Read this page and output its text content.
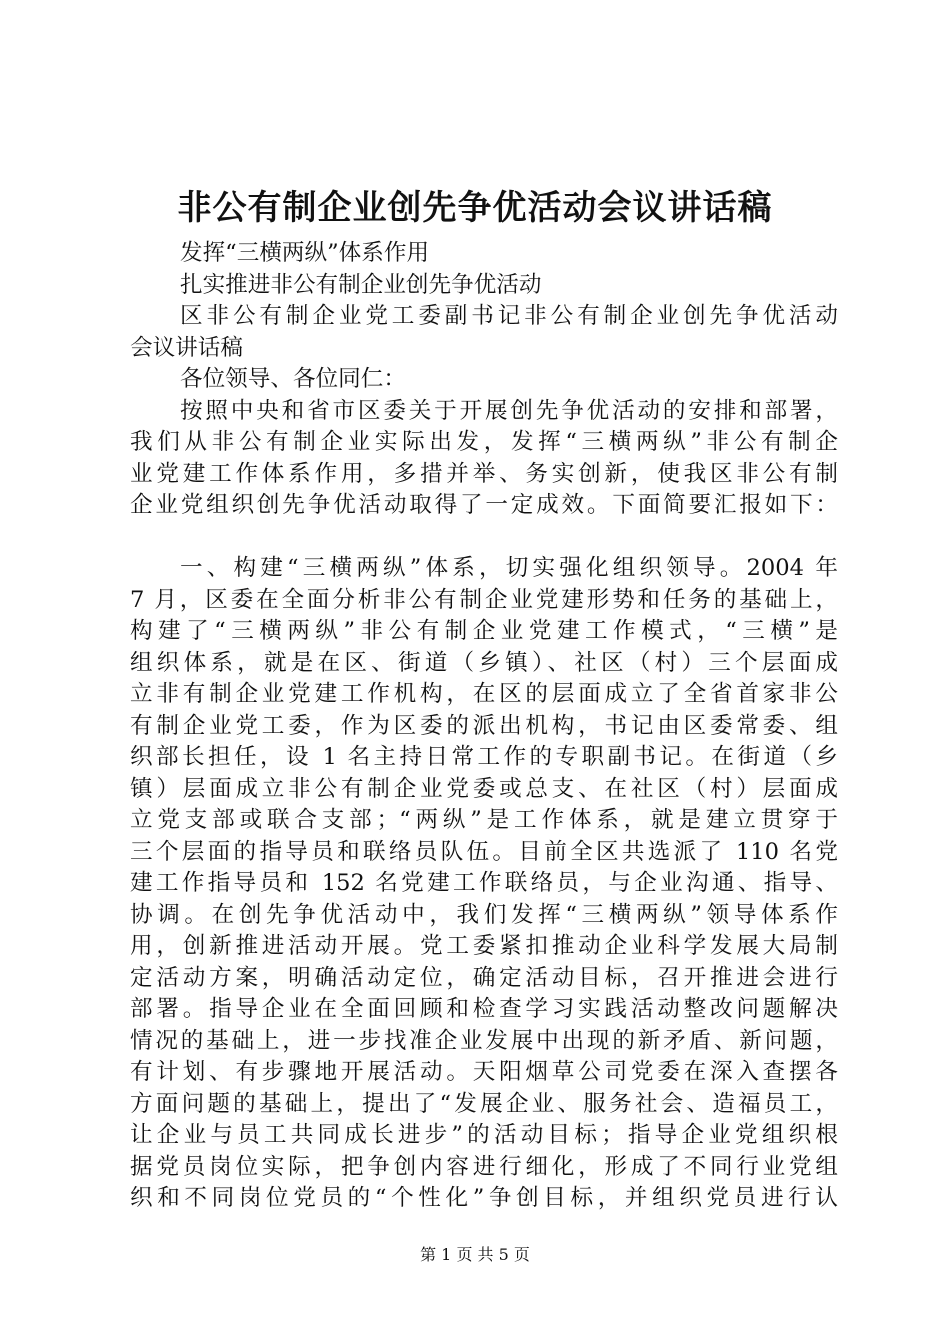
非公有制企业创先争优活动会议讲话稿
发挥“三横两纵”体系作用
扎实推进非公有制企业创先争优活动
区非公有制企业党工委副书记非公有制企业创先争优活动
会议讲话稿
各位领导、各位同仁：
按照中央和省市区委关于开展创先争优活动的安排和部署，
我们从非公有制企业实际出发，发挥“三横两纵”非公有制企
业党建工作体系作用，多措并举、务实创新，使我区非公有制
企业党组织创先争优活动取得了一定成效。下面简要汇报如下：
一、构建“三横两纵”体系，切实强化组织领导。2004 年
7 月，区委在全面分析非公有制企业党建形势和任务的基础上，
构建了“三横两纵”非公有制企业党建工作模式，“三横”是
组织体系，就是在区、街道（乡镇）、社区（村）三个层面成
立非有制企业党建工作机构，在区的层面成立了全省首家非公
有制企业党工委，作为区委的派出机构，书记由区委常委、组
织部长担任，设 1 名主持日常工作的专职副书记。在街道（乡
镇）层面成立非公有制企业党委或总支、在社区（村）层面成
立党支部或联合支部；“两纵”是工作体系，就是建立贯穿于
三个层面的指导员和联络员队伍。目前全区共选派了 110 名党
建工作指导员和 152 名党建工作联络员，与企业沟通、指导、
协调。在创先争优活动中，我们发挥“三横两纵”领导体系作
用，创新推进活动开展。党工委紧扣推动企业科学发展大局制
定活动方案，明确活动定位，确定活动目标，召开推进会进行
部署。指导企业在全面回顾和检查学习实践活动整改问题解决
情况的基础上，进一步找准企业发展中出现的新矛盾、新问题，
有计划、有步骤地开展活动。天阳烟草公司党委在深入查摆各
方面问题的基础上，提出了“发展企业、服务社会、造福员工，
让企业与员工共同成长进步”的活动目标；指导企业党组织根
据党员岗位实际，把争创内容进行细化，形成了不同行业党组
织和不同岗位党员的“个性化”争创目标，并组织党员进行认
第 1 页 共 5 页
